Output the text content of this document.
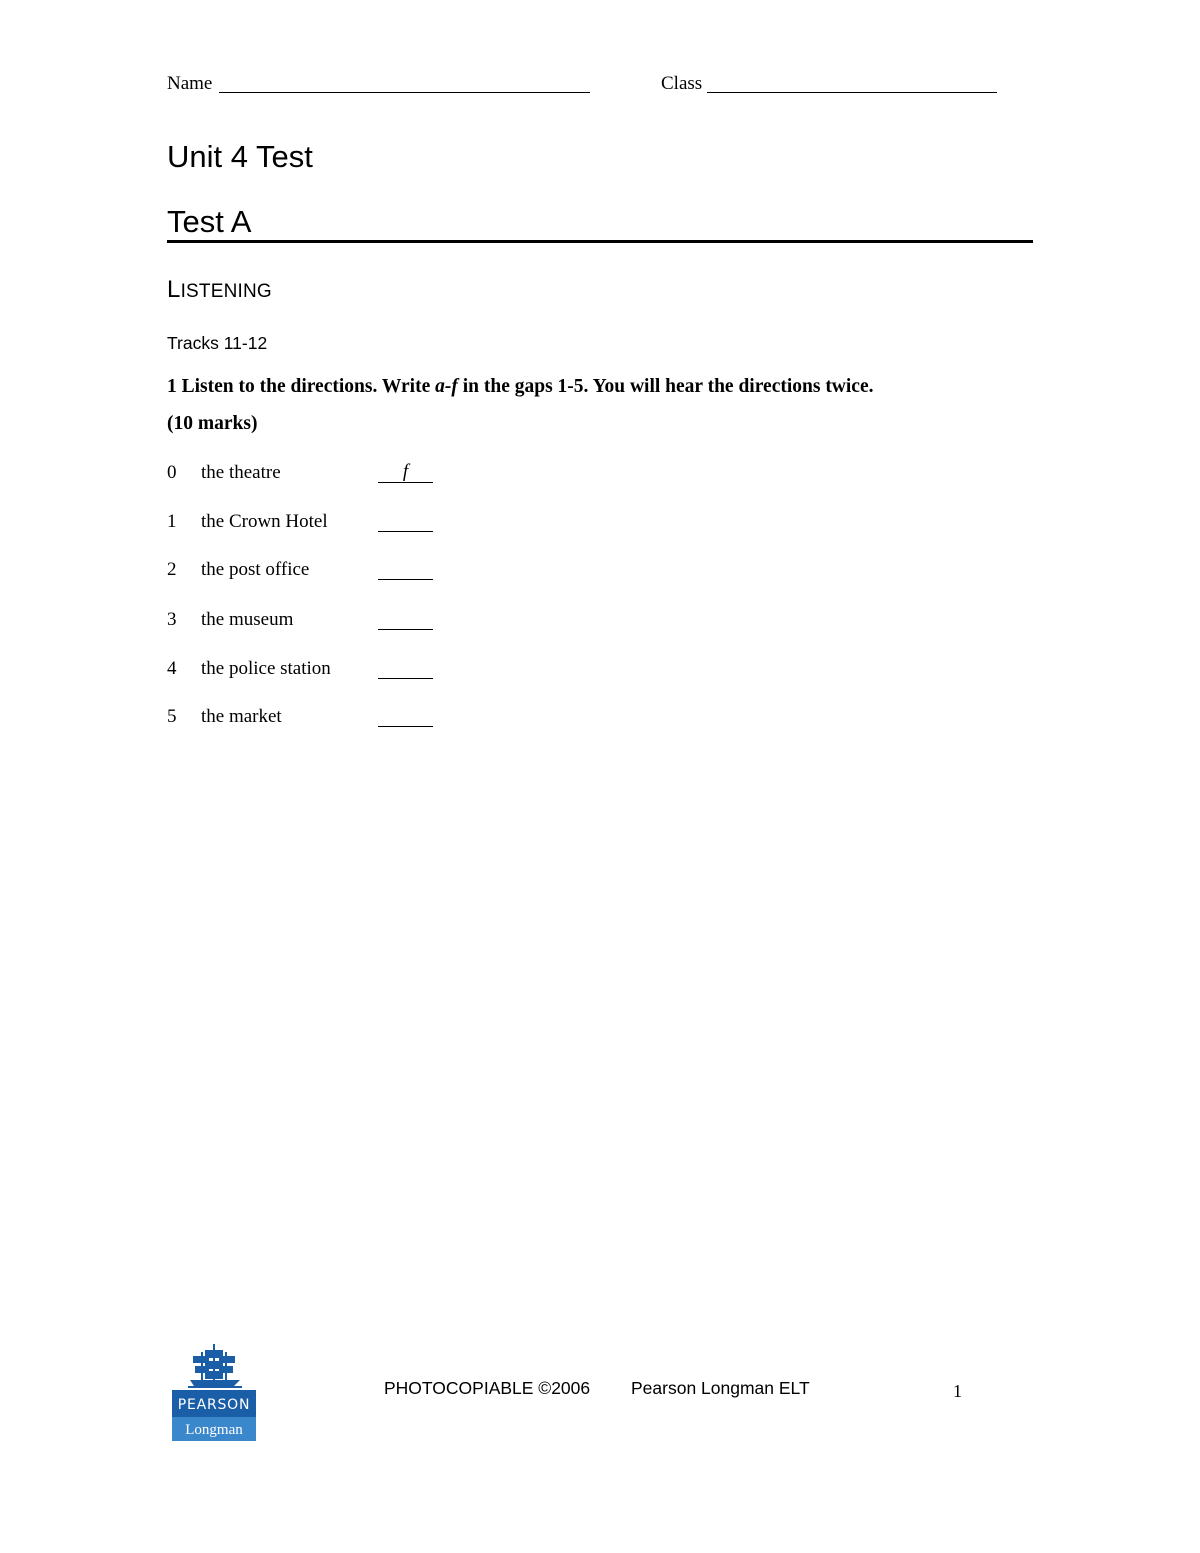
Name	Class
Unit 4 Test
Test A
LISTENING
Tracks 11-12
1 Listen to the directions. Write a-f in the gaps 1-5. You will hear the directions twice.
(10 marks)
0 the theatre	f
1 the Crown Hotel
2 the post office
3 the museum
4 the police station
5 the market
PEARSON
Longman
PHOTOCOPIABLE ©2006 Pearson Longman ELT	1
